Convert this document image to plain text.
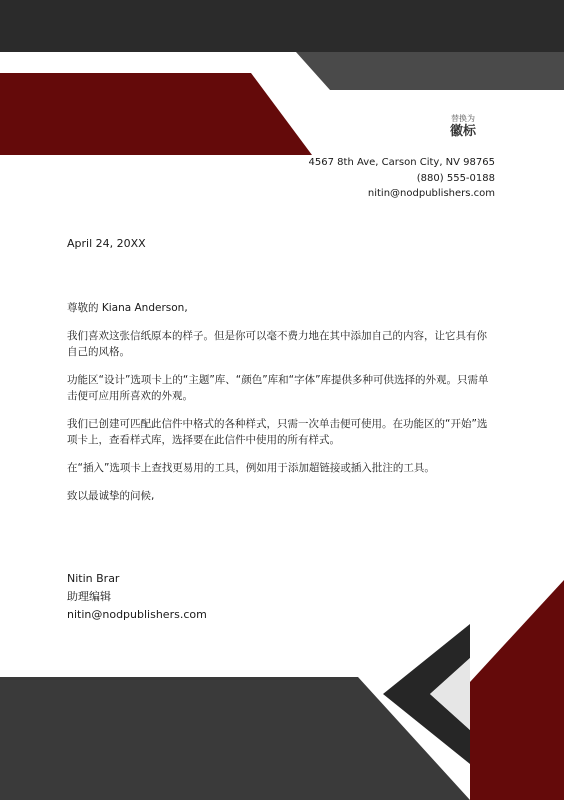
替换为
徽标
4567 8th Ave, Carson City, NV 98765
(880) 555-0188
nitin@nodpublishers.com
April 24, 20XX

尊敬的 Kiana Anderson,

我们喜欢这张信纸原本的样子。但是你可以毫不费力地在其中添加自己的内容，让它具有你自己的风格。

功能区“设计”选项卡上的“主题”库、“颜色”库和“字体”库提供多种可供选择的外观。只需单击便可应用所喜欢的外观。

我们已创建可匹配此信件中格式的各种样式，只需一次单击便可使用。在功能区的“开始”选项卡上，查看样式库，选择要在此信件中使用的所有样式。

在“插入”选项卡上查找更易用的工具，例如用于添加超链接或插入批注的工具。

致以最诚挚的问候,

Nitin Brar
助理编辑
nitin@nodpublishers.com
